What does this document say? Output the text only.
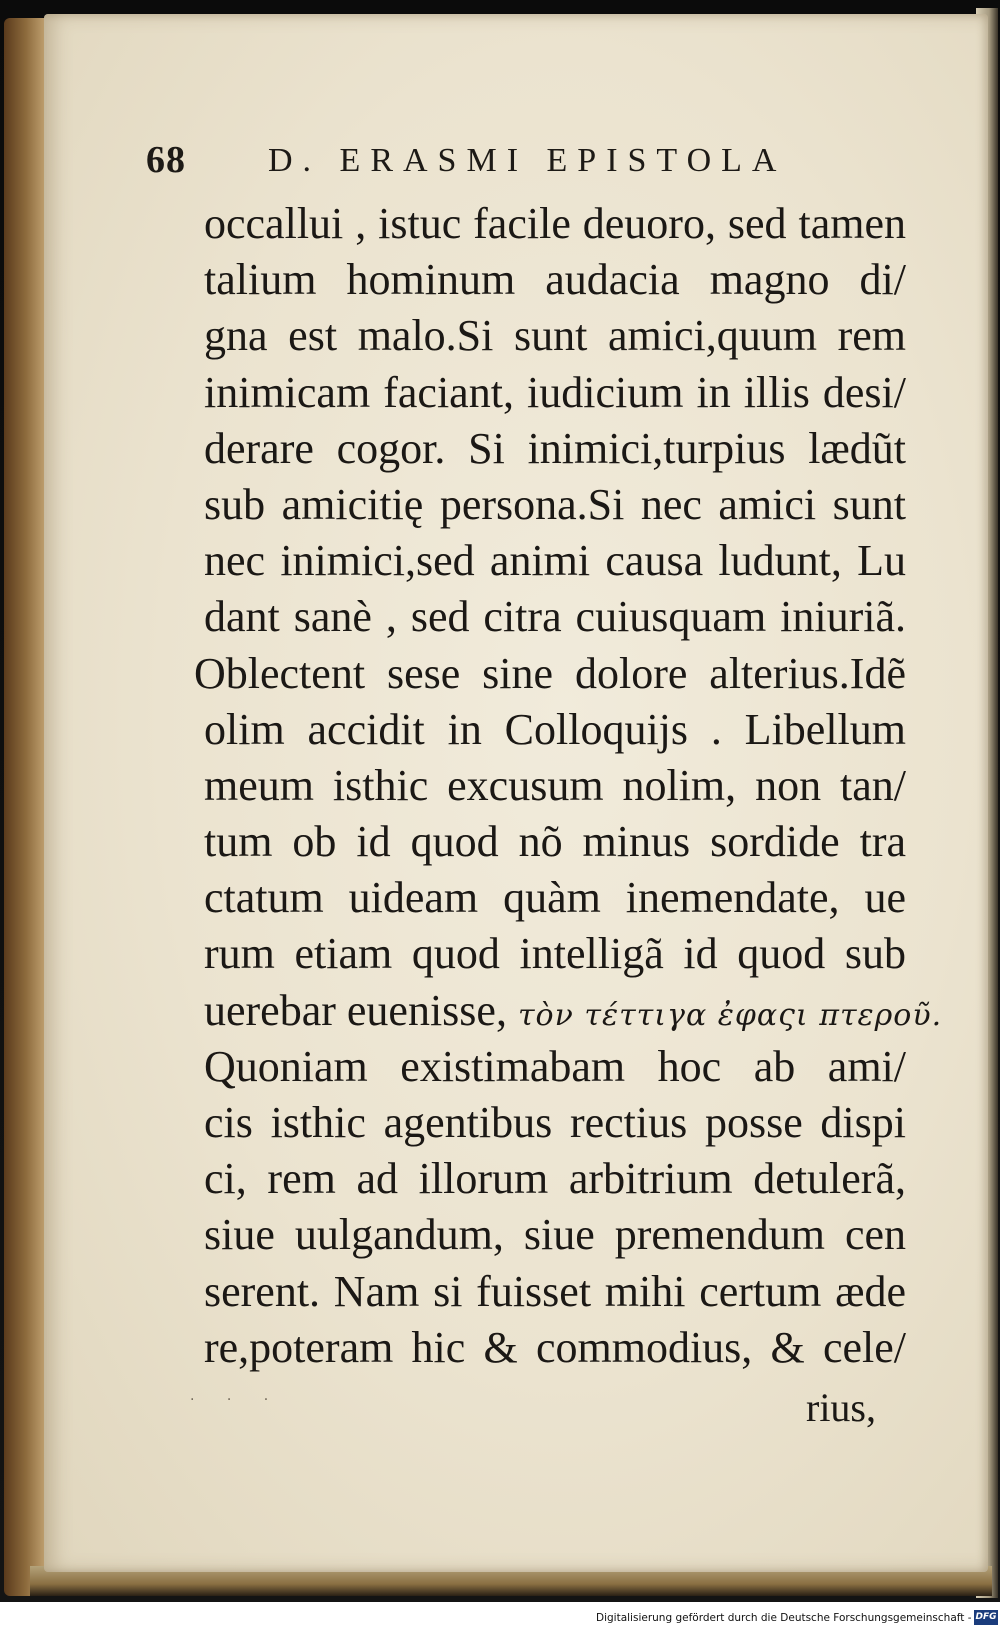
68 D. ERASMI EPISTOLA
occallui , istuc facile deuoro, sed tamen
talium hominum audacia magno di/
gna est malo.Si sunt amici,quum rem
inimicam faciant, iudicium in illis desi/
derare cogor. Si inimici,turpius lædũt
sub amicitię persona.Si nec amici sunt
nec inimici,sed animi causa ludunt, Lu
dant sanè , sed citra cuiusquam iniuriã.
Oblectent sese sine dolore alterius.Idẽ
olim accidit in Colloquijs . Libellum
meum isthic excusum nolim, non tan/
tum ob id quod nõ minus sordide tra
ctatum uideam quàm inemendate, ue
rum etiam quod intelligã id quod sub
uerebar euenisse, τὸν τέττιγα ἐφαςι πτεροῦ.
Quoniam existimabam hoc ab ami/
cis isthic agentibus rectius posse dispi
ci, rem ad illorum arbitrium detulerã,
siue uulgandum, siue premendum cen
serent. Nam si fuisset mihi certum æde
re,poteram hic & commodius, & cele/
· · ·	rius,
Digitalisierung gefördert durch die Deutsche Forschungsgemeinschaft - DFG
